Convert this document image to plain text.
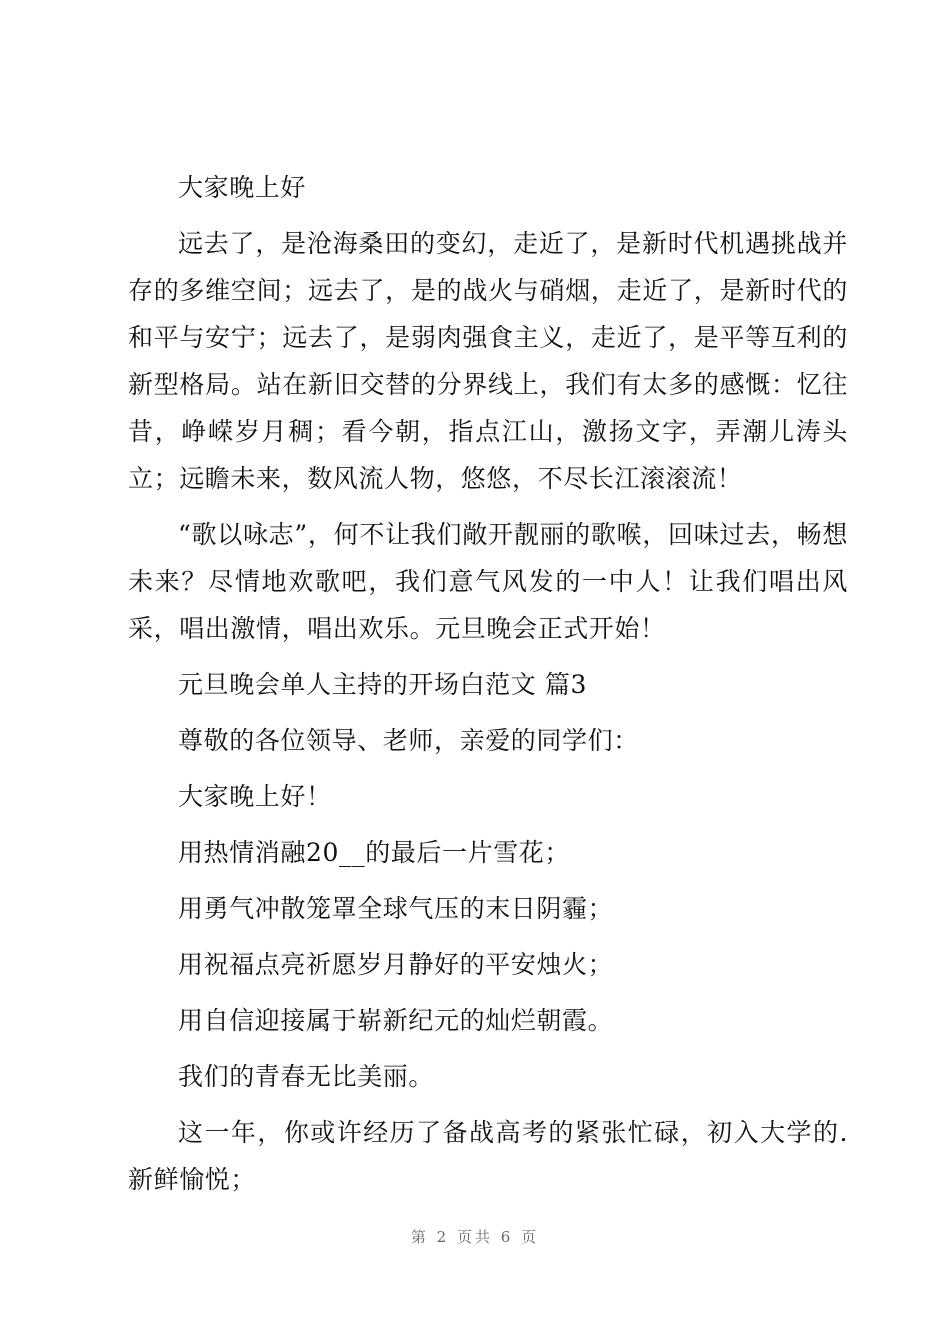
大家晚上好

远去了，是沧海桑田的变幻，走近了，是新时代机遇挑战并存的多维空间；远去了，是的战火与硝烟，走近了，是新时代的和平与安宁；远去了，是弱肉强食主义，走近了，是平等互利的新型格局。站在新旧交替的分界线上，我们有太多的感慨：忆往昔，峥嵘岁月稠；看今朝，指点江山，激扬文字，弄潮儿涛头立；远瞻未来，数风流人物，悠悠，不尽长江滚滚流！

“歌以咏志”，何不让我们敞开靓丽的歌喉，回味过去，畅想未来？尽情地欢歌吧，我们意气风发的一中人！让我们唱出风采，唱出激情，唱出欢乐。元旦晚会正式开始！

元旦晚会单人主持的开场白范文 篇3

尊敬的各位领导、老师，亲爱的同学们：

大家晚上好！

用热情消融20__的最后一片雪花；

用勇气冲散笼罩全球气压的末日阴霾；

用祝福点亮祈愿岁月静好的平安烛火；

用自信迎接属于崭新纪元的灿烂朝霞。

我们的青春无比美丽。

这一年，你或许经历了备战高考的紧张忙碌，初入大学的.新鲜愉悦；

第 2 页共 6 页
